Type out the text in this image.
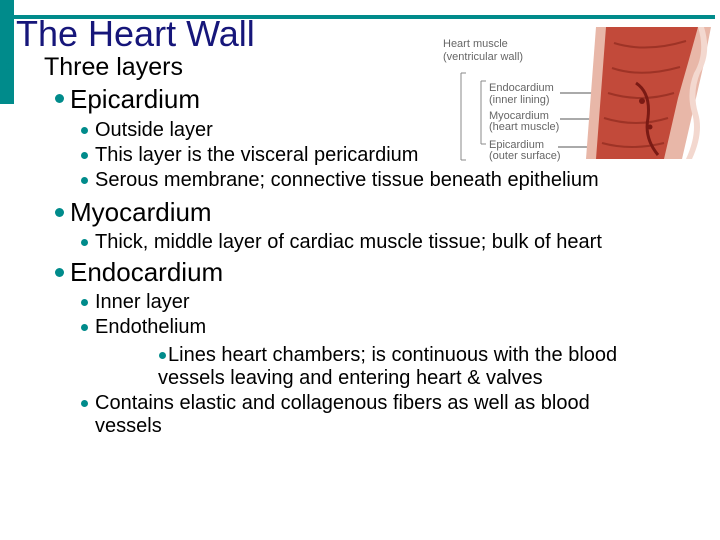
The Heart Wall
Three layers
Epicardium
Outside layer
This layer is the visceral pericardium
Serous membrane; connective tissue beneath epithelium
Myocardium
Thick, middle layer of cardiac muscle tissue; bulk of heart
Endocardium
Inner layer
Endothelium
Lines heart chambers; is continuous with the blood
vessels leaving and entering heart & valves
Contains elastic and collagenous fibers as well as blood
vessels
Heart muscle
(ventricular wall)
Endocardium
(inner lining)
Myocardium
(heart muscle)
Epicardium
(outer surface)
